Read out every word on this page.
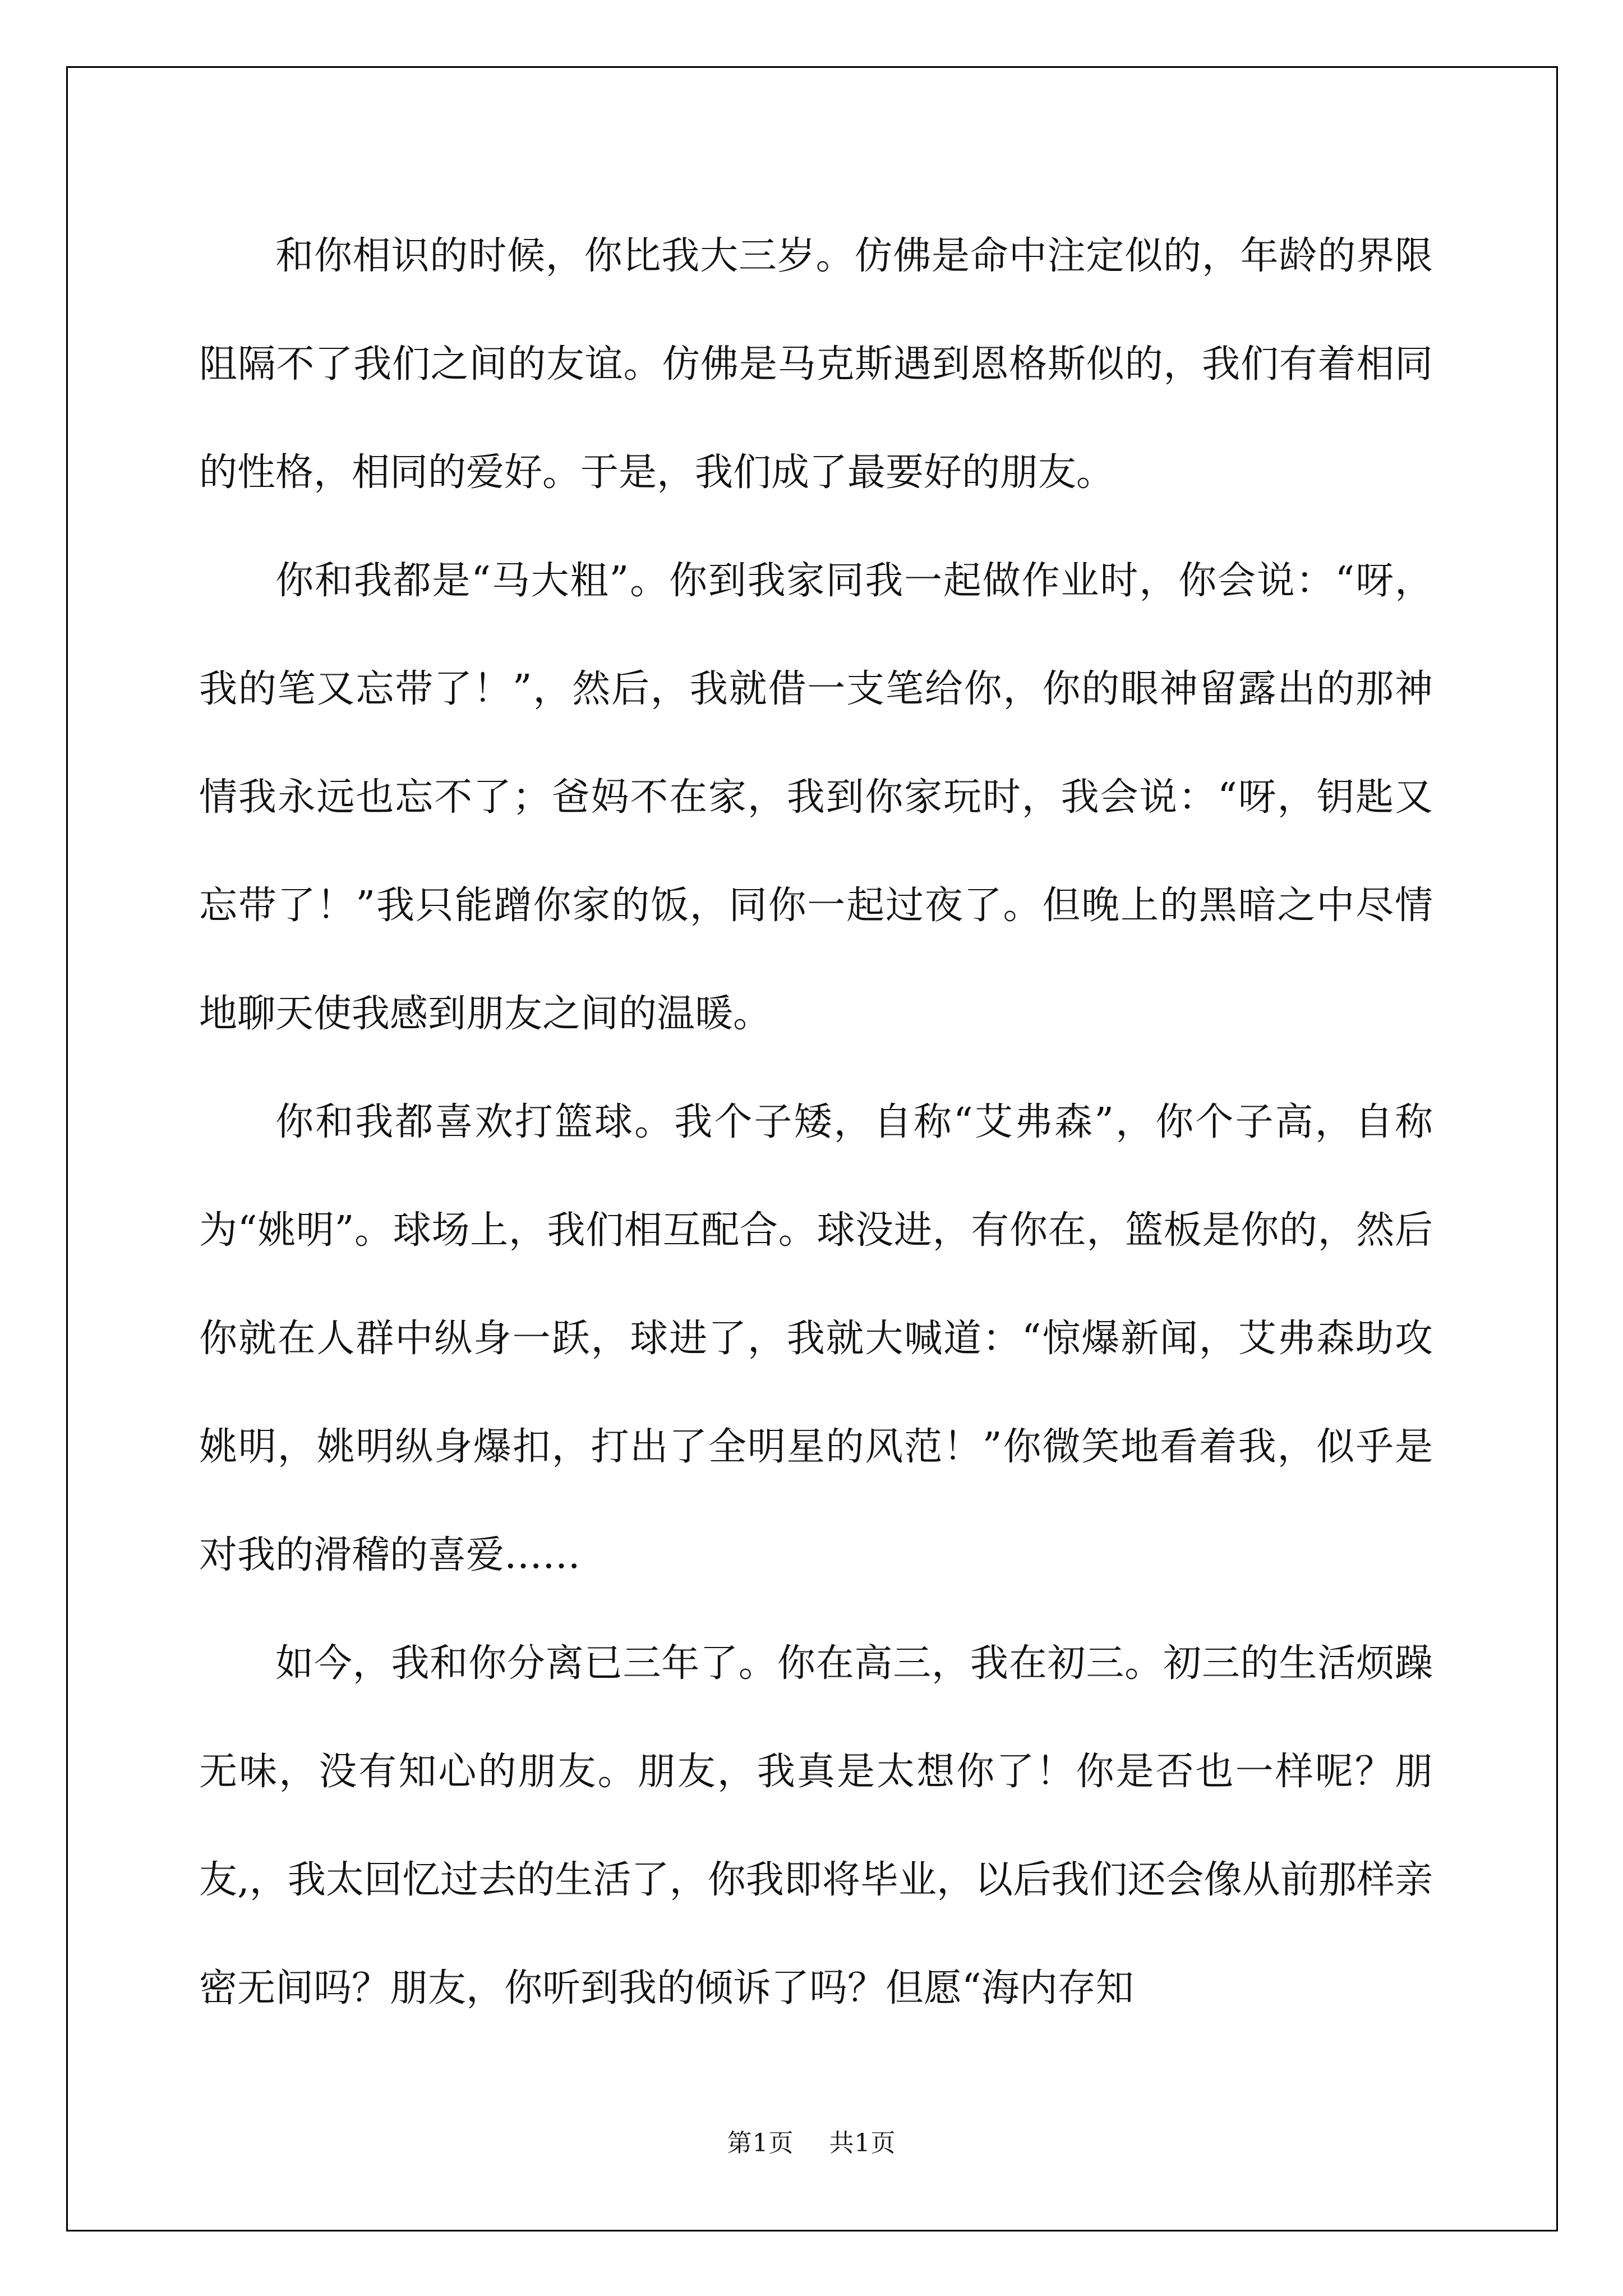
和你相识的时候，你比我大三岁。仿佛是命中注定似的，年龄的界限阻隔不了我们之间的友谊。仿佛是马克斯遇到恩格斯似的，我们有着相同的性格，相同的爱好。于是，我们成了最要好的朋友。

你和我都是“马大粗”。你到我家同我一起做作业时，你会说：“呀，我的笔又忘带了！”，然后，我就借一支笔给你，你的眼神留露出的那神情我永远也忘不了；爸妈不在家，我到你家玩时，我会说：“呀，钥匙又忘带了！”我只能蹭你家的饭，同你一起过夜了。但晚上的黑暗之中尽情地聊天使我感到朋友之间的温暖。

你和我都喜欢打篮球。我个子矮，自称“艾弗森”，你个子高，自称为“姚明”。球场上，我们相互配合。球没进，有你在，篮板是你的，然后你就在人群中纵身一跃，球进了，我就大喊道：“惊爆新闻，艾弗森助攻姚明，姚明纵身爆扣，打出了全明星的风范！”你微笑地看着我，似乎是对我的滑稽的喜爱……

如今，我和你分离已三年了。你在高三，我在初三。初三的生活烦躁无味，没有知心的朋友。朋友，我真是太想你了！你是否也一样呢？朋友,，我太回忆过去的生活了，你我即将毕业，以后我们还会像从前那样亲密无间吗？朋友，你听到我的倾诉了吗？但愿“海内存知

第1页 共1页
